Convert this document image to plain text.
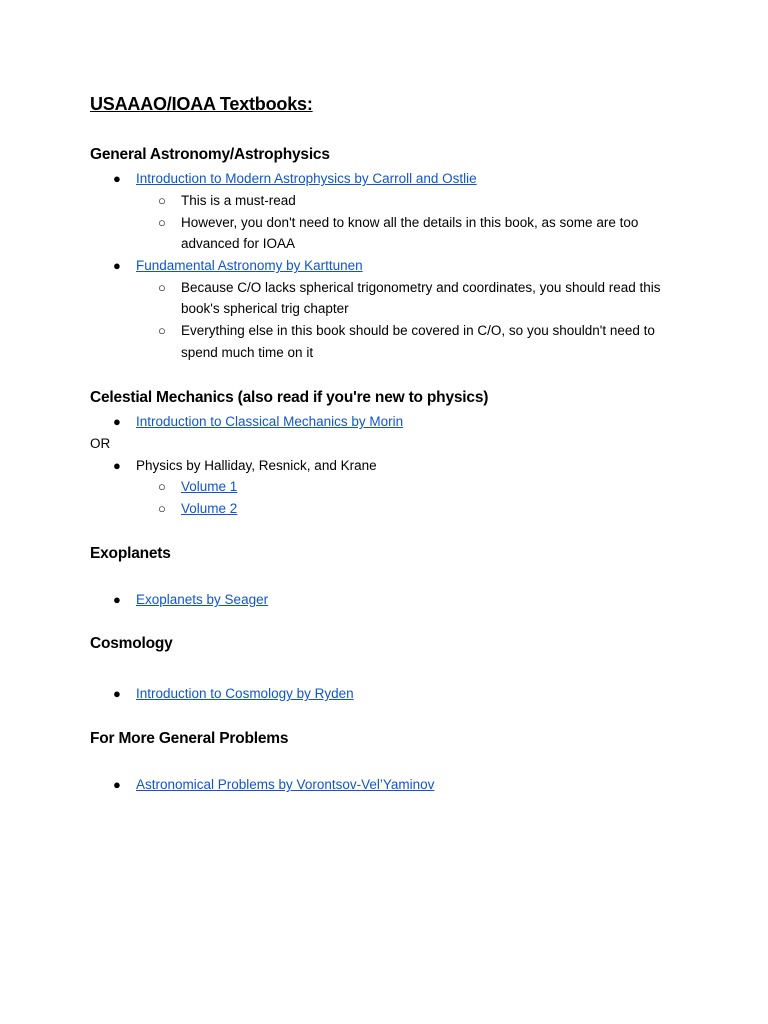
USAAAO/IOAA Textbooks:
General Astronomy/Astrophysics
● Introduction to Modern Astrophysics by Carroll and Ostlie
○ This is a must-read
○ However, you don't need to know all the details in this book, as some are too
advanced for IOAA
● Fundamental Astronomy by Karttunen
○ Because C/O lacks spherical trigonometry and coordinates, you should read this
book's spherical trig chapter
○ Everything else in this book should be covered in C/O, so you shouldn't need to
spend much time on it
Celestial Mechanics (also read if you're new to physics)
● Introduction to Classical Mechanics by Morin
OR
● Physics by Halliday, Resnick, and Krane
○ Volume 1
○ Volume 2
Exoplanets
● Exoplanets by Seager
Cosmology
● Introduction to Cosmology by Ryden
For More General Problems
● Astronomical Problems by Vorontsov-Vel’Yaminov
